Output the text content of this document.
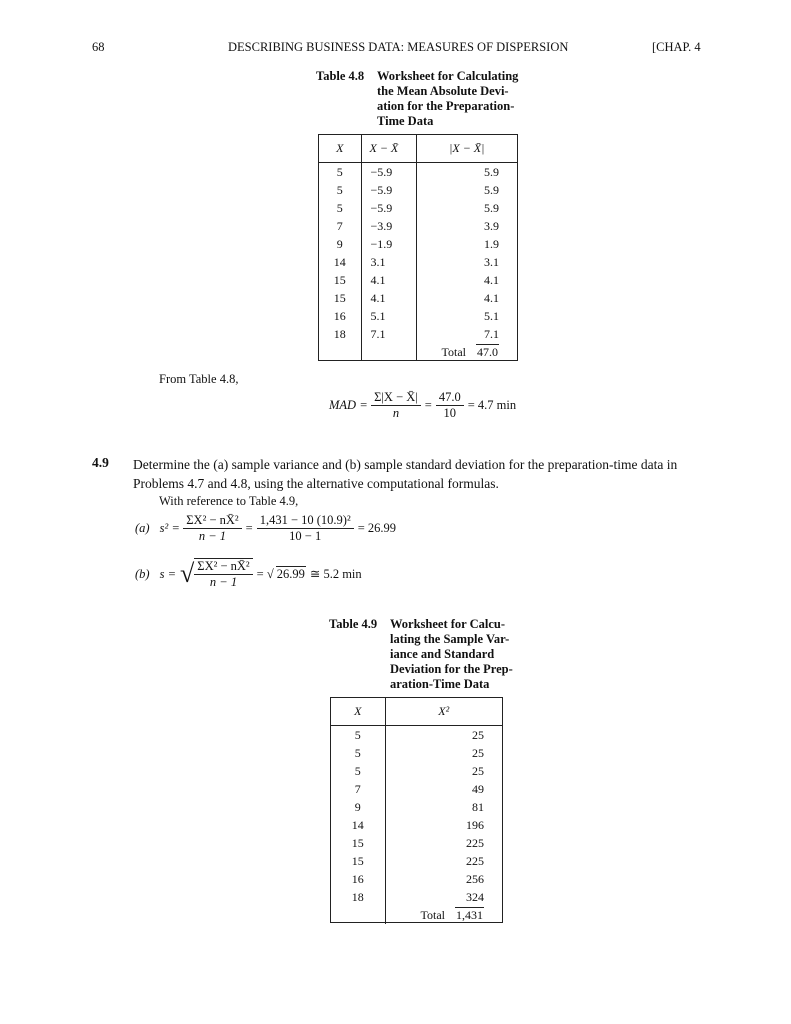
68	DESCRIBING BUSINESS DATA: MEASURES OF DISPERSION	[CHAP. 4
Table 4.8 Worksheet for Calculating
the Mean Absolute Devi-
ation for the Preparation-
Time Data
X	X − X̄	|X − X̄|
5	−5.9	5.9
5	−5.9	5.9
5	−5.9	5.9
7	−3.9	3.9
9	−1.9	1.9
14	3.1	3.1
15	4.1	4.1
15	4.1	4.1
16	5.1	5.1
18	7.1	7.1
		Total 47.0
From Table 4.8,
MAD = $\frac{\Sigma|X - X̄|}{n} = \frac{47.0}{10} = 4.7$ min
4.9 Determine the (a) sample variance and (b) sample standard deviation for the preparation-time data in
Problems 4.7 and 4.8, using the alternative computational formulas.
With reference to Table 4.9,
(a) $s^2 = \frac{\text{ΣX² − nX̄²}}{n - 1} = \frac{\text{1,431 − 10 (10.9)²}}{10 - 1} = 26.99$
(b) s = √ $\frac{\text{ΣX² − nX̄²}}{n - 1}$ = √ 26.99 ≅ 5.2 min
Table 4.9 Worksheet for Calcu-
lating the Sample Var-
iance and Standard
Deviation for the Prep-
aration-Time Data
X	X²
5	25
5	25
5	25
7	49
9	81
14	196
15	225
15	225
16	256
18	324
	Total 1,431
